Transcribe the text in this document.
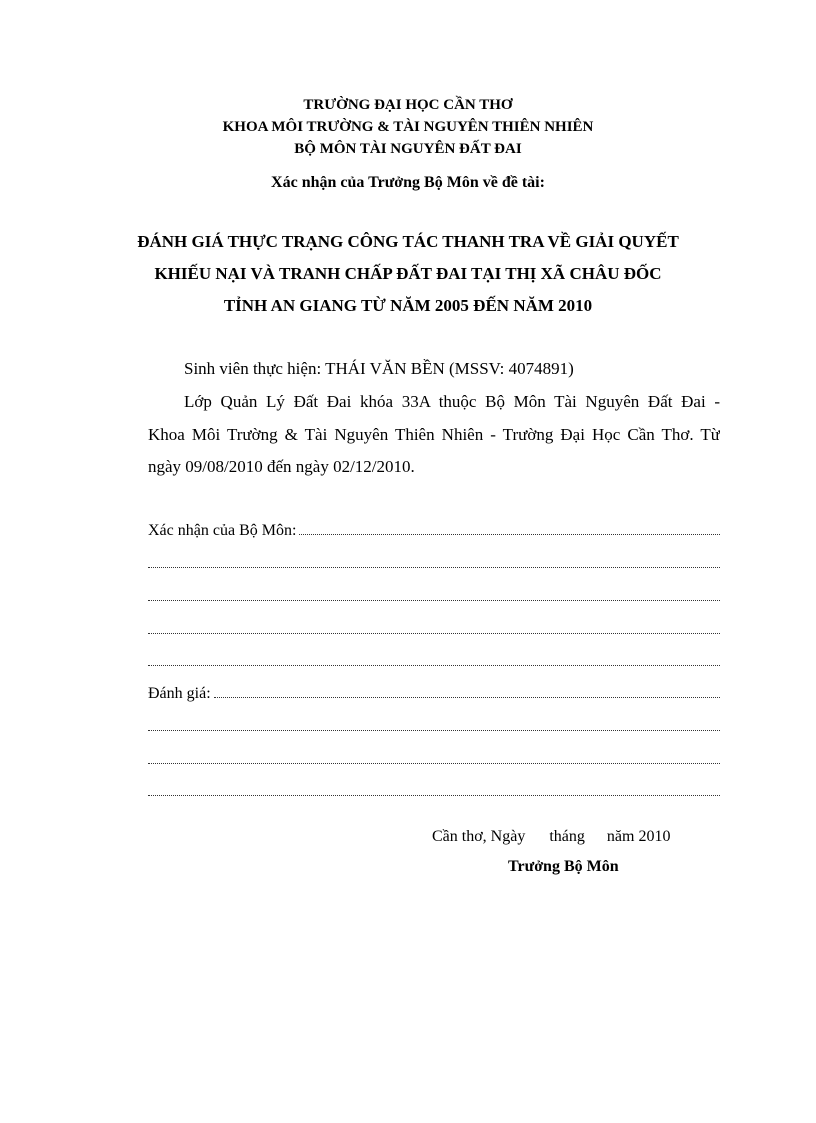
TRƯỜNG ĐẠI HỌC CẦN THƠ
KHOA MÔI TRƯỜNG & TÀI NGUYÊN THIÊN NHIÊN
BỘ MÔN TÀI NGUYÊN ĐẤT ĐAI
Xác nhận của Trưởng Bộ Môn về đề tài:
ĐÁNH GIÁ THỰC TRẠNG CÔNG TÁC THANH TRA VỀ GIẢI QUYẾT
KHIẾU NẠI VÀ TRANH CHẤP ĐẤT ĐAI TẠI THỊ XÃ CHÂU ĐỐC
TỈNH AN GIANG TỪ NĂM 2005 ĐẾN NĂM 2010
Sinh viên thực hiện: THÁI VĂN BỀN (MSSV: 4074891)
Lớp Quản Lý Đất Đai khóa 33A thuộc Bộ Môn Tài Nguyên Đất Đai -
Khoa Môi Trường & Tài Nguyên Thiên Nhiên - Trường Đại Học Cần Thơ. Từ
ngày 09/08/2010 đến ngày 02/12/2010.
Xác nhận của Bộ Môn:
Đánh giá:
Cần thơ, Ngày tháng năm 2010
Trưởng Bộ Môn
